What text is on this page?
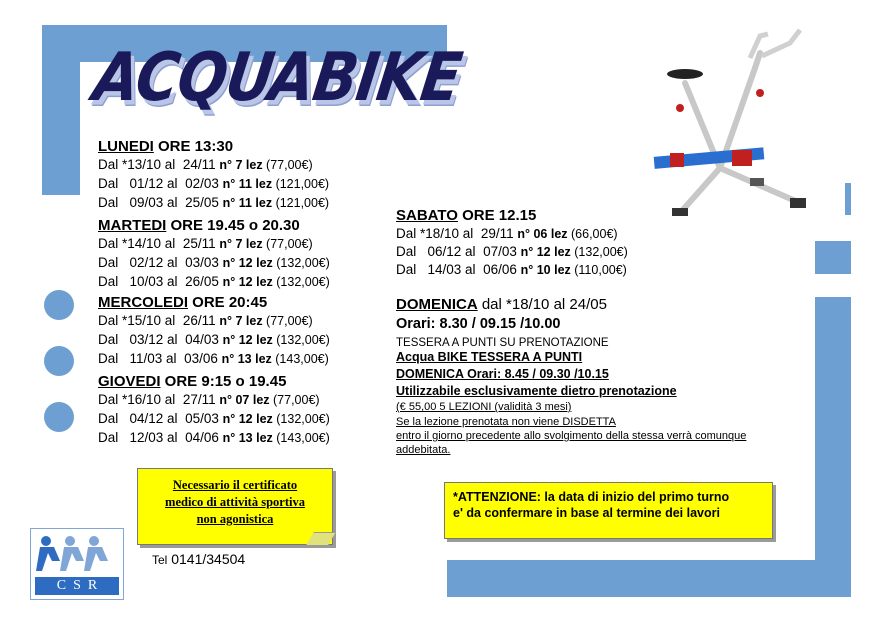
ACQUABIKE
LUNEDI ORE 13:30
Dal *13/10 al  24/11 n° 7 lez (77,00€)
Dal   01/12 al  02/03 n° 11 lez (121,00€)
Dal   09/03 al  25/05 n° 11 lez (121,00€)
MARTEDI ORE 19.45 o 20.30
Dal *14/10 al  25/11 n° 7 lez (77,00€)
Dal   02/12 al  03/03 n° 12 lez (132,00€)
Dal   10/03 al  26/05 n° 12 lez (132,00€)
MERCOLEDI ORE 20:45
Dal *15/10 al  26/11 n° 7 lez (77,00€)
Dal   03/12 al  04/03 n° 12 lez (132,00€)
Dal   11/03 al  03/06 n° 13 lez (143,00€)
GIOVEDI ORE 9:15 o 19.45
Dal *16/10 al  27/11 n° 07 lez (77,00€)
Dal   04/12 al  05/03 n° 12 lez (132,00€)
Dal   12/03 al  04/06 n° 13 lez (143,00€)
SABATO ORE 12.15
Dal *18/10 al  29/11 n° 06 lez (66,00€)
Dal   06/12 al  07/03 n° 12 lez (132,00€)
Dal   14/03 al  06/06 n° 10 lez (110,00€)
DOMENICA dal *18/10 al 24/05
Orari: 8.30 / 09.15 /10.00
TESSERA A PUNTI SU PRENOTAZIONE
Acqua BIKE TESSERA A PUNTI
DOMENICA Orari: 8.45 / 09.30 /10.15
Utilizzabile esclusivamente dietro prenotazione
(€ 55,00 5 LEZIONI (validità 3 mesi)
Se la lezione prenotata non viene DISDETTA
entro il giorno precedente allo svolgimento della stessa verrà comunque
addebitata.
Necessario il certificato
medico di attività sportiva
non agonistica
*ATTENZIONE: la data di inizio del primo turno
e' da confermare in base al termine dei lavori
Tel 0141/34504
C  S  R
